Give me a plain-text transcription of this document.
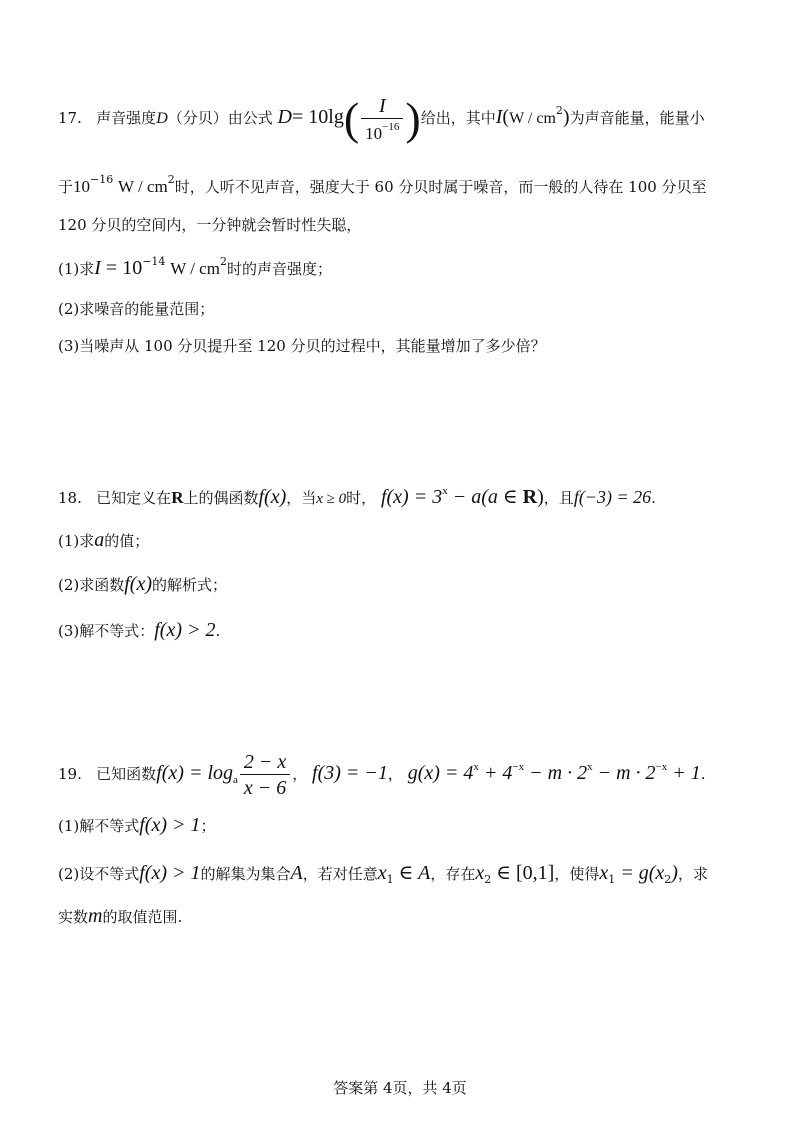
17. 声音强度D（分贝）由公式 $D= 10\lg( \frac{I}{10^{-16}}$ )给出，其中$I(W / cm^2)$为声音能量，能量小
于$10^{-16}$ W / $cm^2$时，人听不见声音，强度大于 60 分贝时属于噪音，而一般的人待在 100 分贝至
120 分贝的空间内，一分钟就会暂时性失聪，
(1)求$I = 10^{-14}$ W / $cm^2$时的声音强度；
(2)求噪音的能量范围；
(3)当噪声从 100 分贝提升至 120 分贝的过程中，其能量增加了多少倍？
18. 已知定义在R上的偶函数f(x)，当x ≥ 0时， $f(x) = 3^x - a(a$ ∈ R)，且f(−3) = 26.
(1)求a的值；
(2)求函数f(x)的解析式；
(3)解不等式：f(x) > 2.
19. 已知函数$f(x) = \log_a \frac{2 - x}{x - 6}$ ， f(3) = −1， $g(x) = 4^x + 4^{-x} - m \cdot 2^x - m \cdot 2^{-x} + 1$.
(1)解不等式f(x) > 1；
(2)设不等式f(x) > 1的解集为集合A，若对任意$x_1$ ∈ A，存在$x_2$ ∈ [0,1]，使得$x_1 = g(x_2)$，求
实数m的取值范围.
答案第 4页，共 4页
